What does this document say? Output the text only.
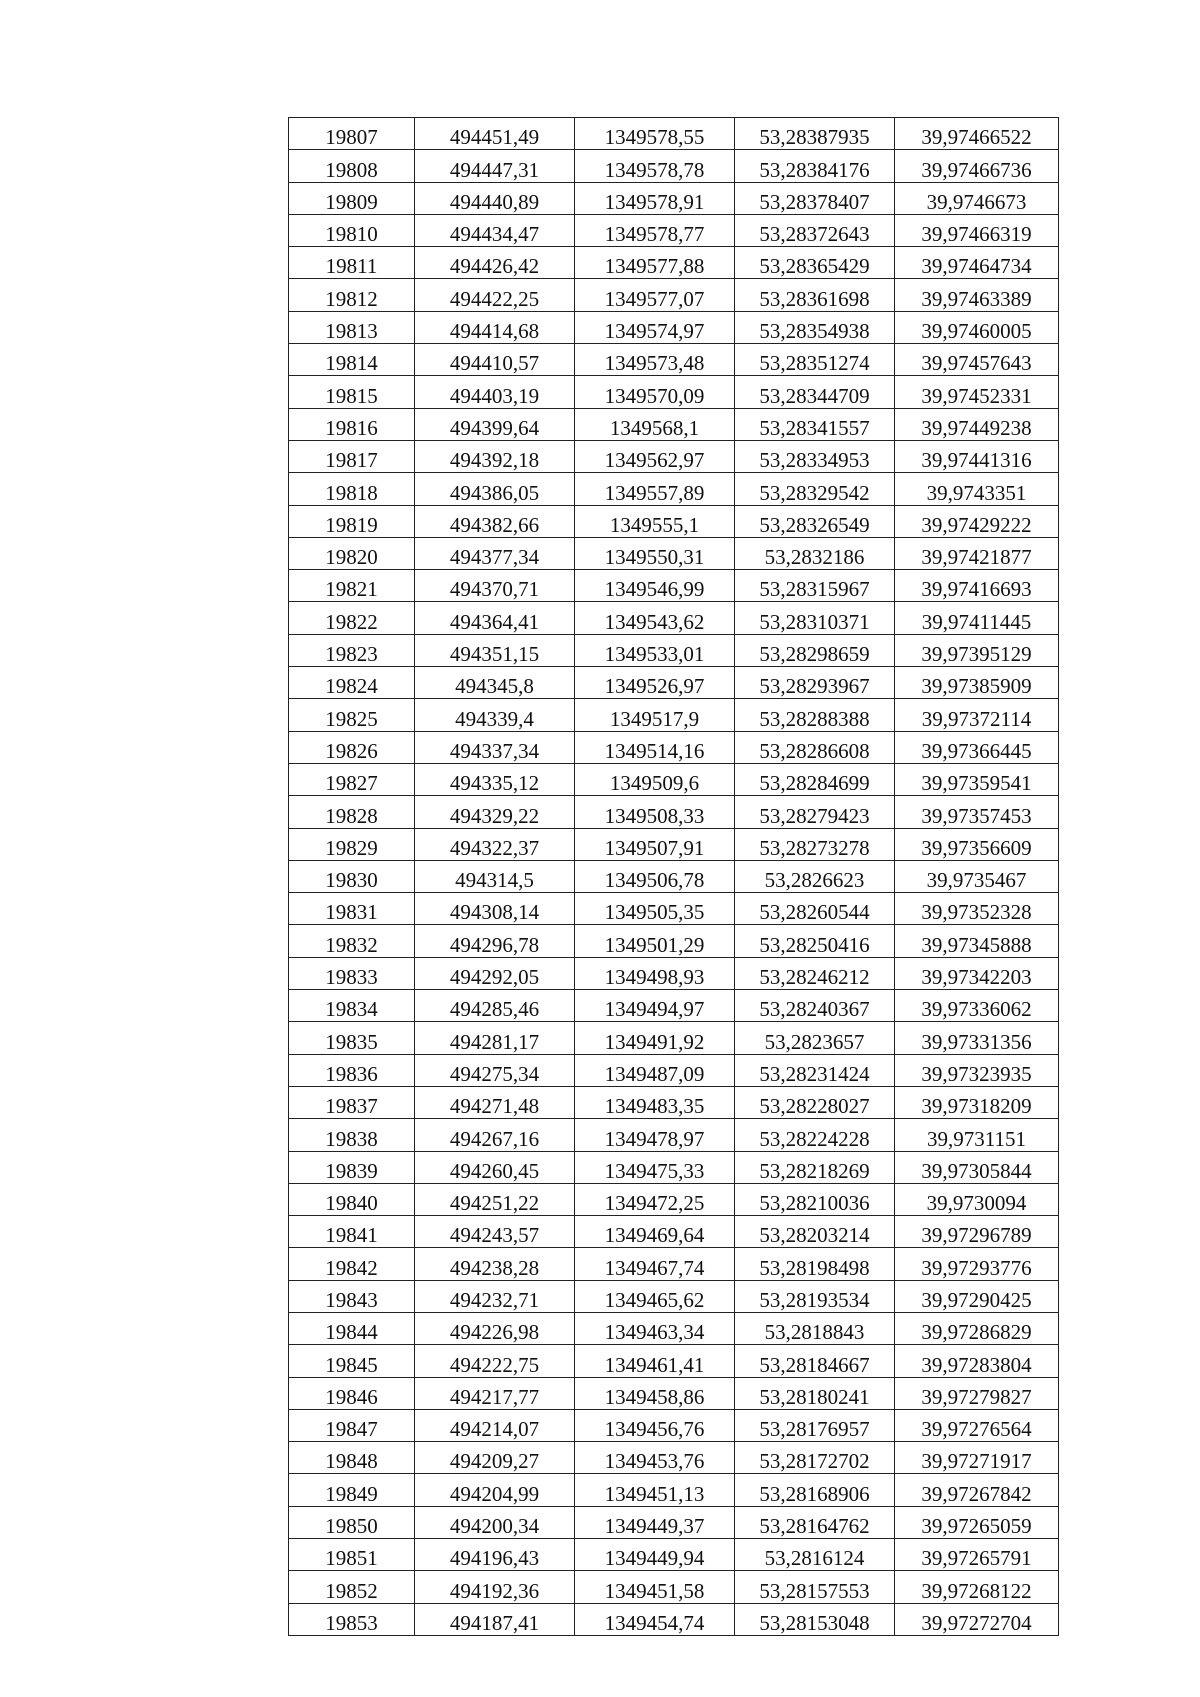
19807	494451,49	1349578,55	53,28387935	39,97466522
19808	494447,31	1349578,78	53,28384176	39,97466736
19809	494440,89	1349578,91	53,28378407	39,9746673
19810	494434,47	1349578,77	53,28372643	39,97466319
19811	494426,42	1349577,88	53,28365429	39,97464734
19812	494422,25	1349577,07	53,28361698	39,97463389
19813	494414,68	1349574,97	53,28354938	39,97460005
19814	494410,57	1349573,48	53,28351274	39,97457643
19815	494403,19	1349570,09	53,28344709	39,97452331
19816	494399,64	1349568,1	53,28341557	39,97449238
19817	494392,18	1349562,97	53,28334953	39,97441316
19818	494386,05	1349557,89	53,28329542	39,9743351
19819	494382,66	1349555,1	53,28326549	39,97429222
19820	494377,34	1349550,31	53,2832186	39,97421877
19821	494370,71	1349546,99	53,28315967	39,97416693
19822	494364,41	1349543,62	53,28310371	39,97411445
19823	494351,15	1349533,01	53,28298659	39,97395129
19824	494345,8	1349526,97	53,28293967	39,97385909
19825	494339,4	1349517,9	53,28288388	39,97372114
19826	494337,34	1349514,16	53,28286608	39,97366445
19827	494335,12	1349509,6	53,28284699	39,97359541
19828	494329,22	1349508,33	53,28279423	39,97357453
19829	494322,37	1349507,91	53,28273278	39,97356609
19830	494314,5	1349506,78	53,2826623	39,9735467
19831	494308,14	1349505,35	53,28260544	39,97352328
19832	494296,78	1349501,29	53,28250416	39,97345888
19833	494292,05	1349498,93	53,28246212	39,97342203
19834	494285,46	1349494,97	53,28240367	39,97336062
19835	494281,17	1349491,92	53,2823657	39,97331356
19836	494275,34	1349487,09	53,28231424	39,97323935
19837	494271,48	1349483,35	53,28228027	39,97318209
19838	494267,16	1349478,97	53,28224228	39,9731151
19839	494260,45	1349475,33	53,28218269	39,97305844
19840	494251,22	1349472,25	53,28210036	39,9730094
19841	494243,57	1349469,64	53,28203214	39,97296789
19842	494238,28	1349467,74	53,28198498	39,97293776
19843	494232,71	1349465,62	53,28193534	39,97290425
19844	494226,98	1349463,34	53,2818843	39,97286829
19845	494222,75	1349461,41	53,28184667	39,97283804
19846	494217,77	1349458,86	53,28180241	39,97279827
19847	494214,07	1349456,76	53,28176957	39,97276564
19848	494209,27	1349453,76	53,28172702	39,97271917
19849	494204,99	1349451,13	53,28168906	39,97267842
19850	494200,34	1349449,37	53,28164762	39,97265059
19851	494196,43	1349449,94	53,2816124	39,97265791
19852	494192,36	1349451,58	53,28157553	39,97268122
19853	494187,41	1349454,74	53,28153048	39,97272704
